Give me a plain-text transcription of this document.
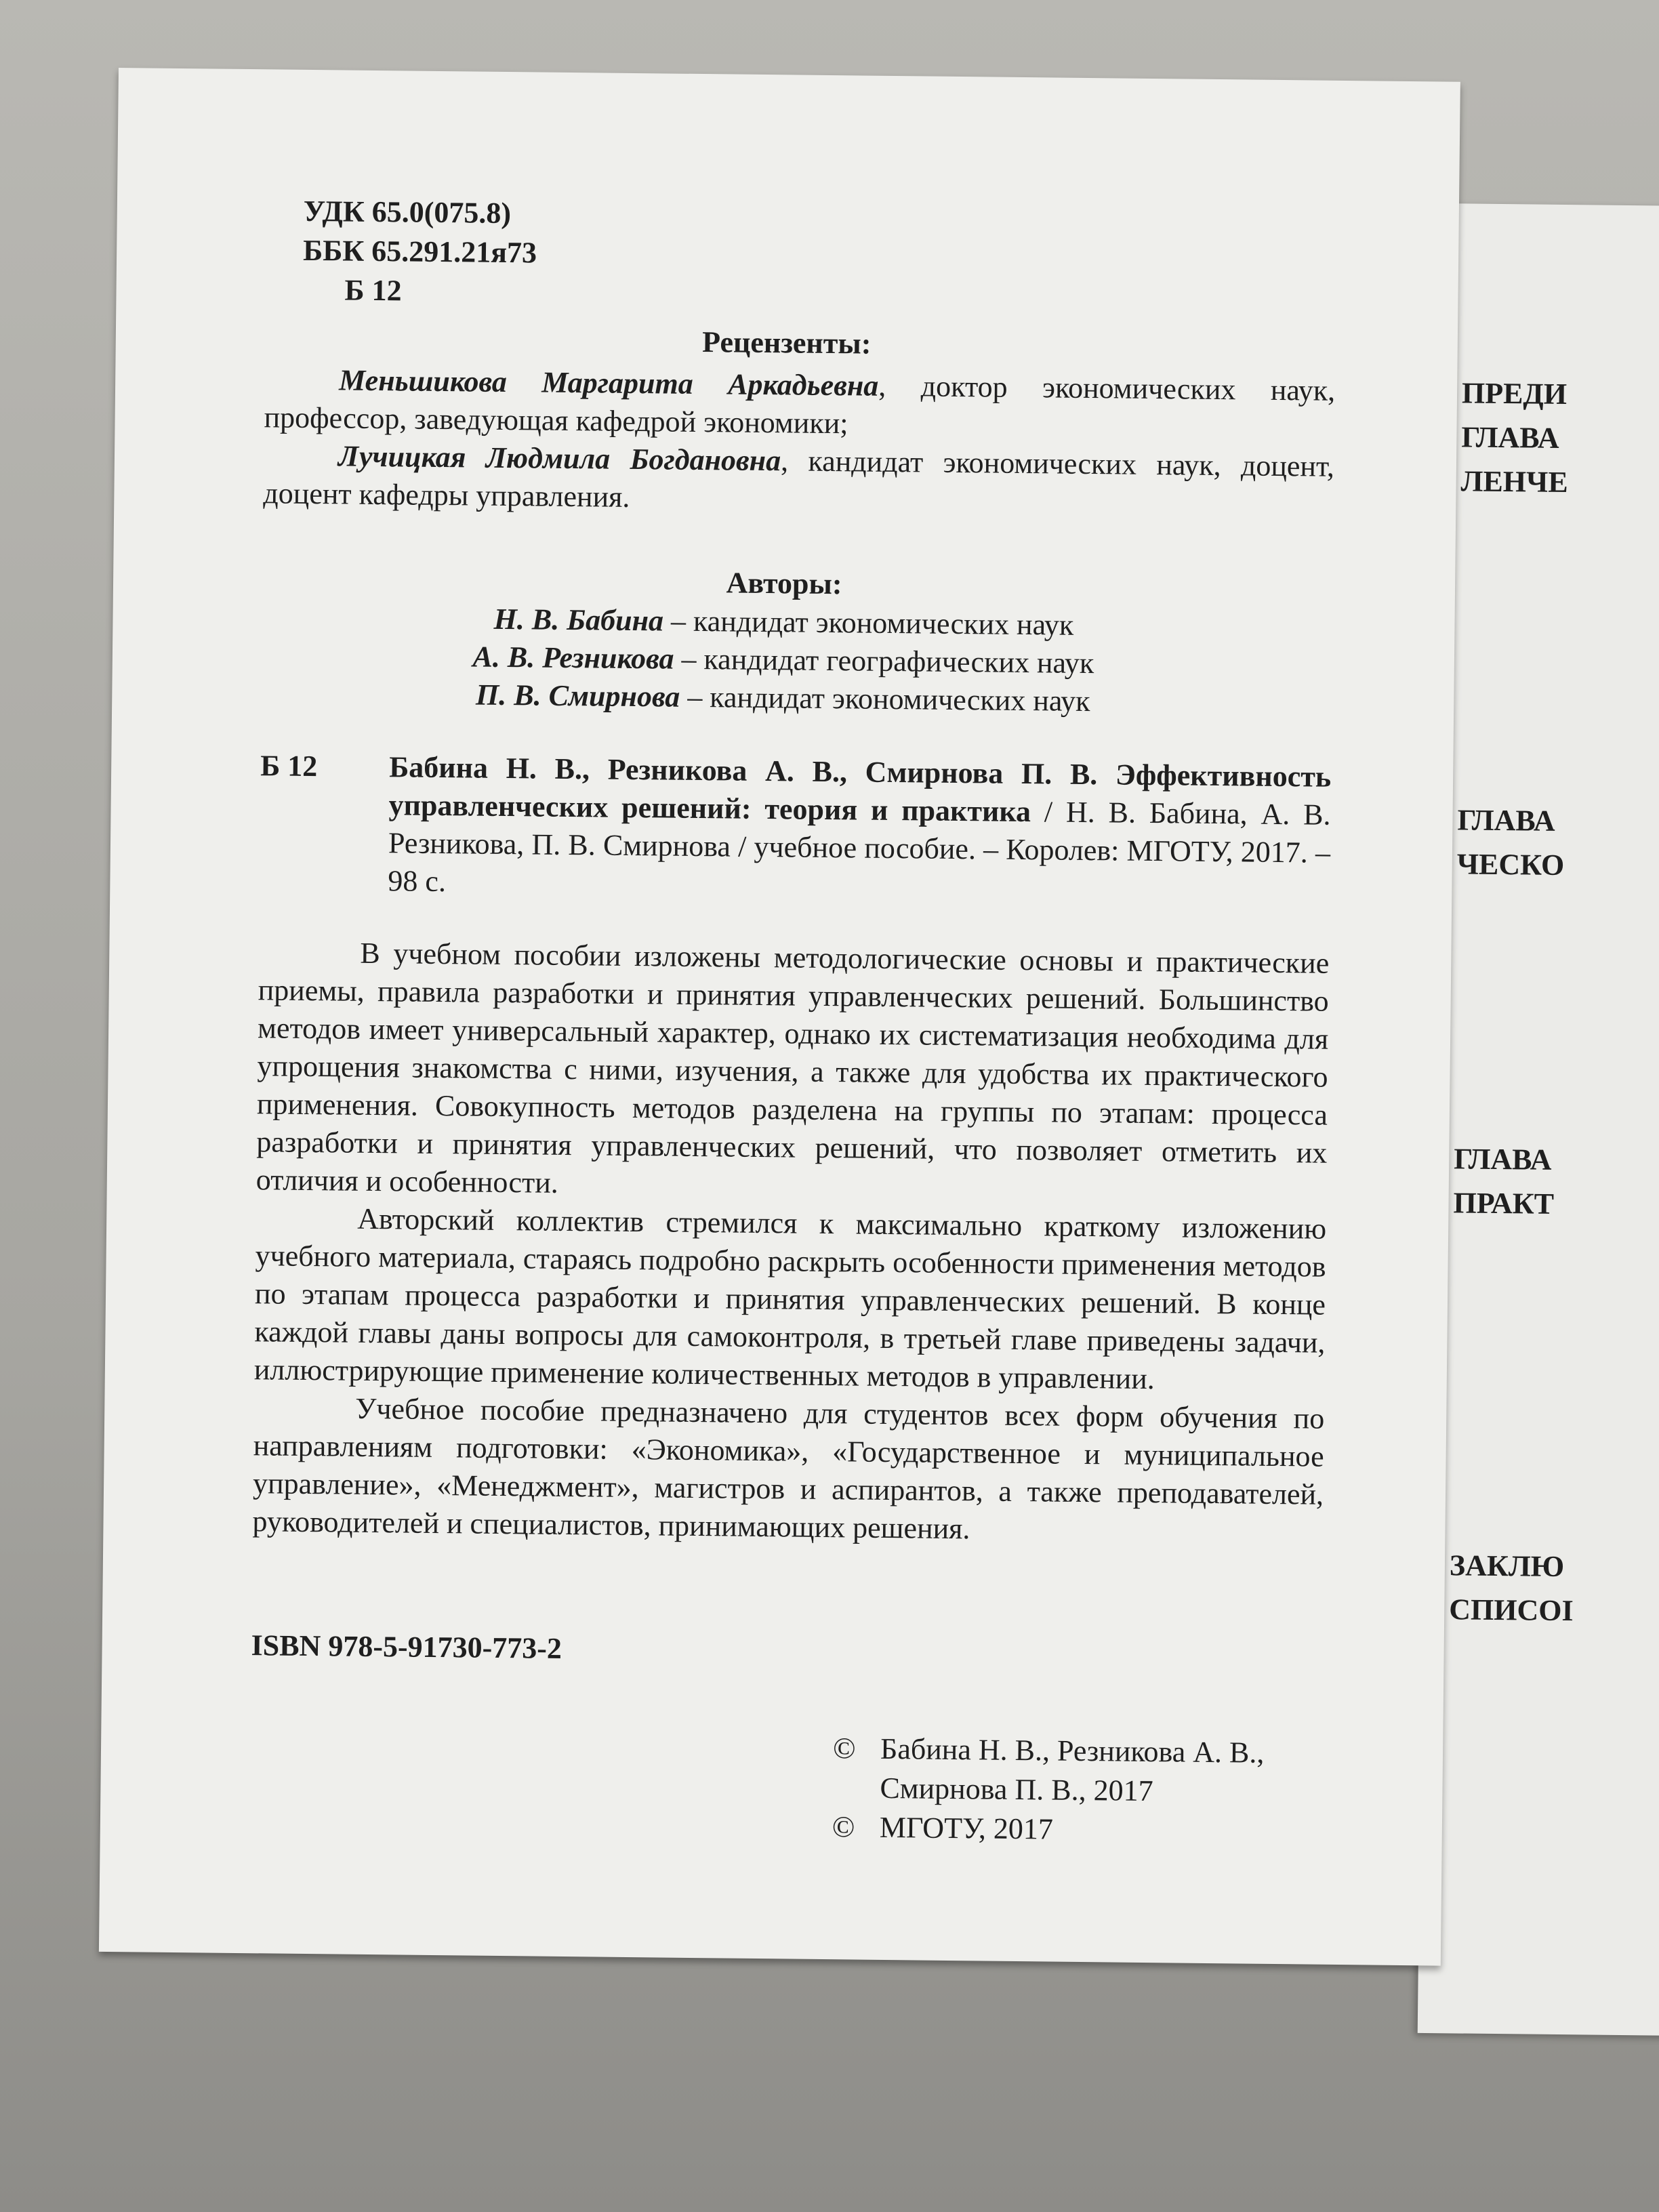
ПРЕДИ
ГЛАВА
ЛЕНЧЕ
ГЛАВА
ЧЕСКО
ГЛАВА
ПРАКТ
ЗАКЛЮ
СПИСОІ
УДК 65.0(075.8)
ББК 65.291.21я73
Б 12
Рецензенты:
Меньшикова Маргарита Аркадьевна, доктор экономических наук, профессор, заведующая кафедрой экономики;
Лучицкая Людмила Богдановна, кандидат экономических наук, доцент, доцент кафедры управления.
Авторы:
Н. В. Бабина – кандидат экономических наук
А. В. Резникова – кандидат географических наук
П. В. Смирнова – кандидат экономических наук
Б 12 Бабина Н. В., Резникова А. В., Смирнова П. В. Эффективность управленческих решений: теория и практика / Н. В. Бабина, А. В. Резникова, П. В. Смирнова / учебное пособие. – Королев: МГОТУ, 2017. – 98 с.

В учебном пособии изложены методологические основы и практические приемы, правила разработки и принятия управленческих решений. Большинство методов имеет универсальный характер, однако их систематизация необходима для упрощения знакомства с ними, изучения, а также для удобства их практического применения. Совокупность методов разделена на группы по этапам: процесса разработки и принятия управленческих решений, что позволяет отметить их отличия и особенности.

Авторский коллектив стремился к максимально краткому изложению учебного материала, стараясь подробно раскрыть особенности применения методов по этапам процесса разработки и принятия управленческих решений. В конце каждой главы даны вопросы для самоконтроля, в третьей главе приведены задачи, иллюстрирующие применение количественных методов в управлении.

Учебное пособие предназначено для студентов всех форм обучения по направлениям подготовки: «Экономика», «Государственное и муниципальное управление», «Менеджмент», магистров и аспирантов, а также преподавателей, руководителей и специалистов, принимающих решения.

ISBN 978-5-91730-773-2
© Бабина Н. В., Резникова А. В.,
Смирнова П. В., 2017
© МГОТУ, 2017
